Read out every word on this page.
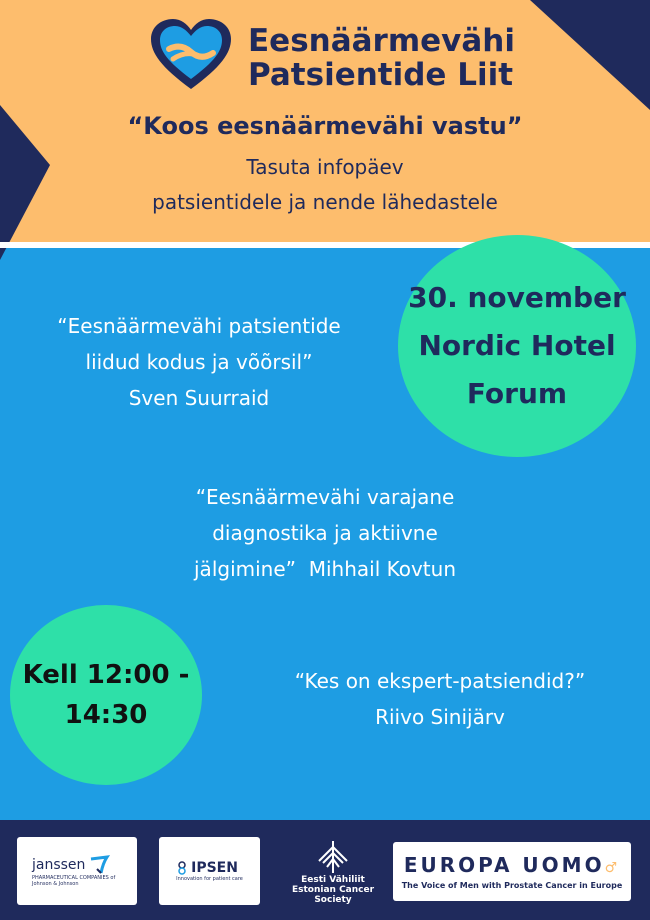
Eesnäärmevähi
Patsientide Liit
“Koos eesnäärmevähi vastu”
Tasuta infopäev
patsientidele ja nende lähedastele
30. november
Nordic Hotel
Forum
“Eesnäärmevähi patsientide
liidud kodus ja võõrsil”
Sven Suurraid
“Eesnäärmevähi varajane
diagnostika ja aktiivne
jälgimine”  Mihhail Kovtun
Kell 12:00 -
14:30
“Kes on ekspert-patsiendid?”
Riivo Sinijärv
janssen
PHARMACEUTICAL COMPANIES of Johnson & Johnson
IPSEN
Innovation for patient care	Eesti Vähiliit
Estonian Cancer Society
EUROPA UOMO♂
The Voice of Men with Prostate Cancer in Europe
